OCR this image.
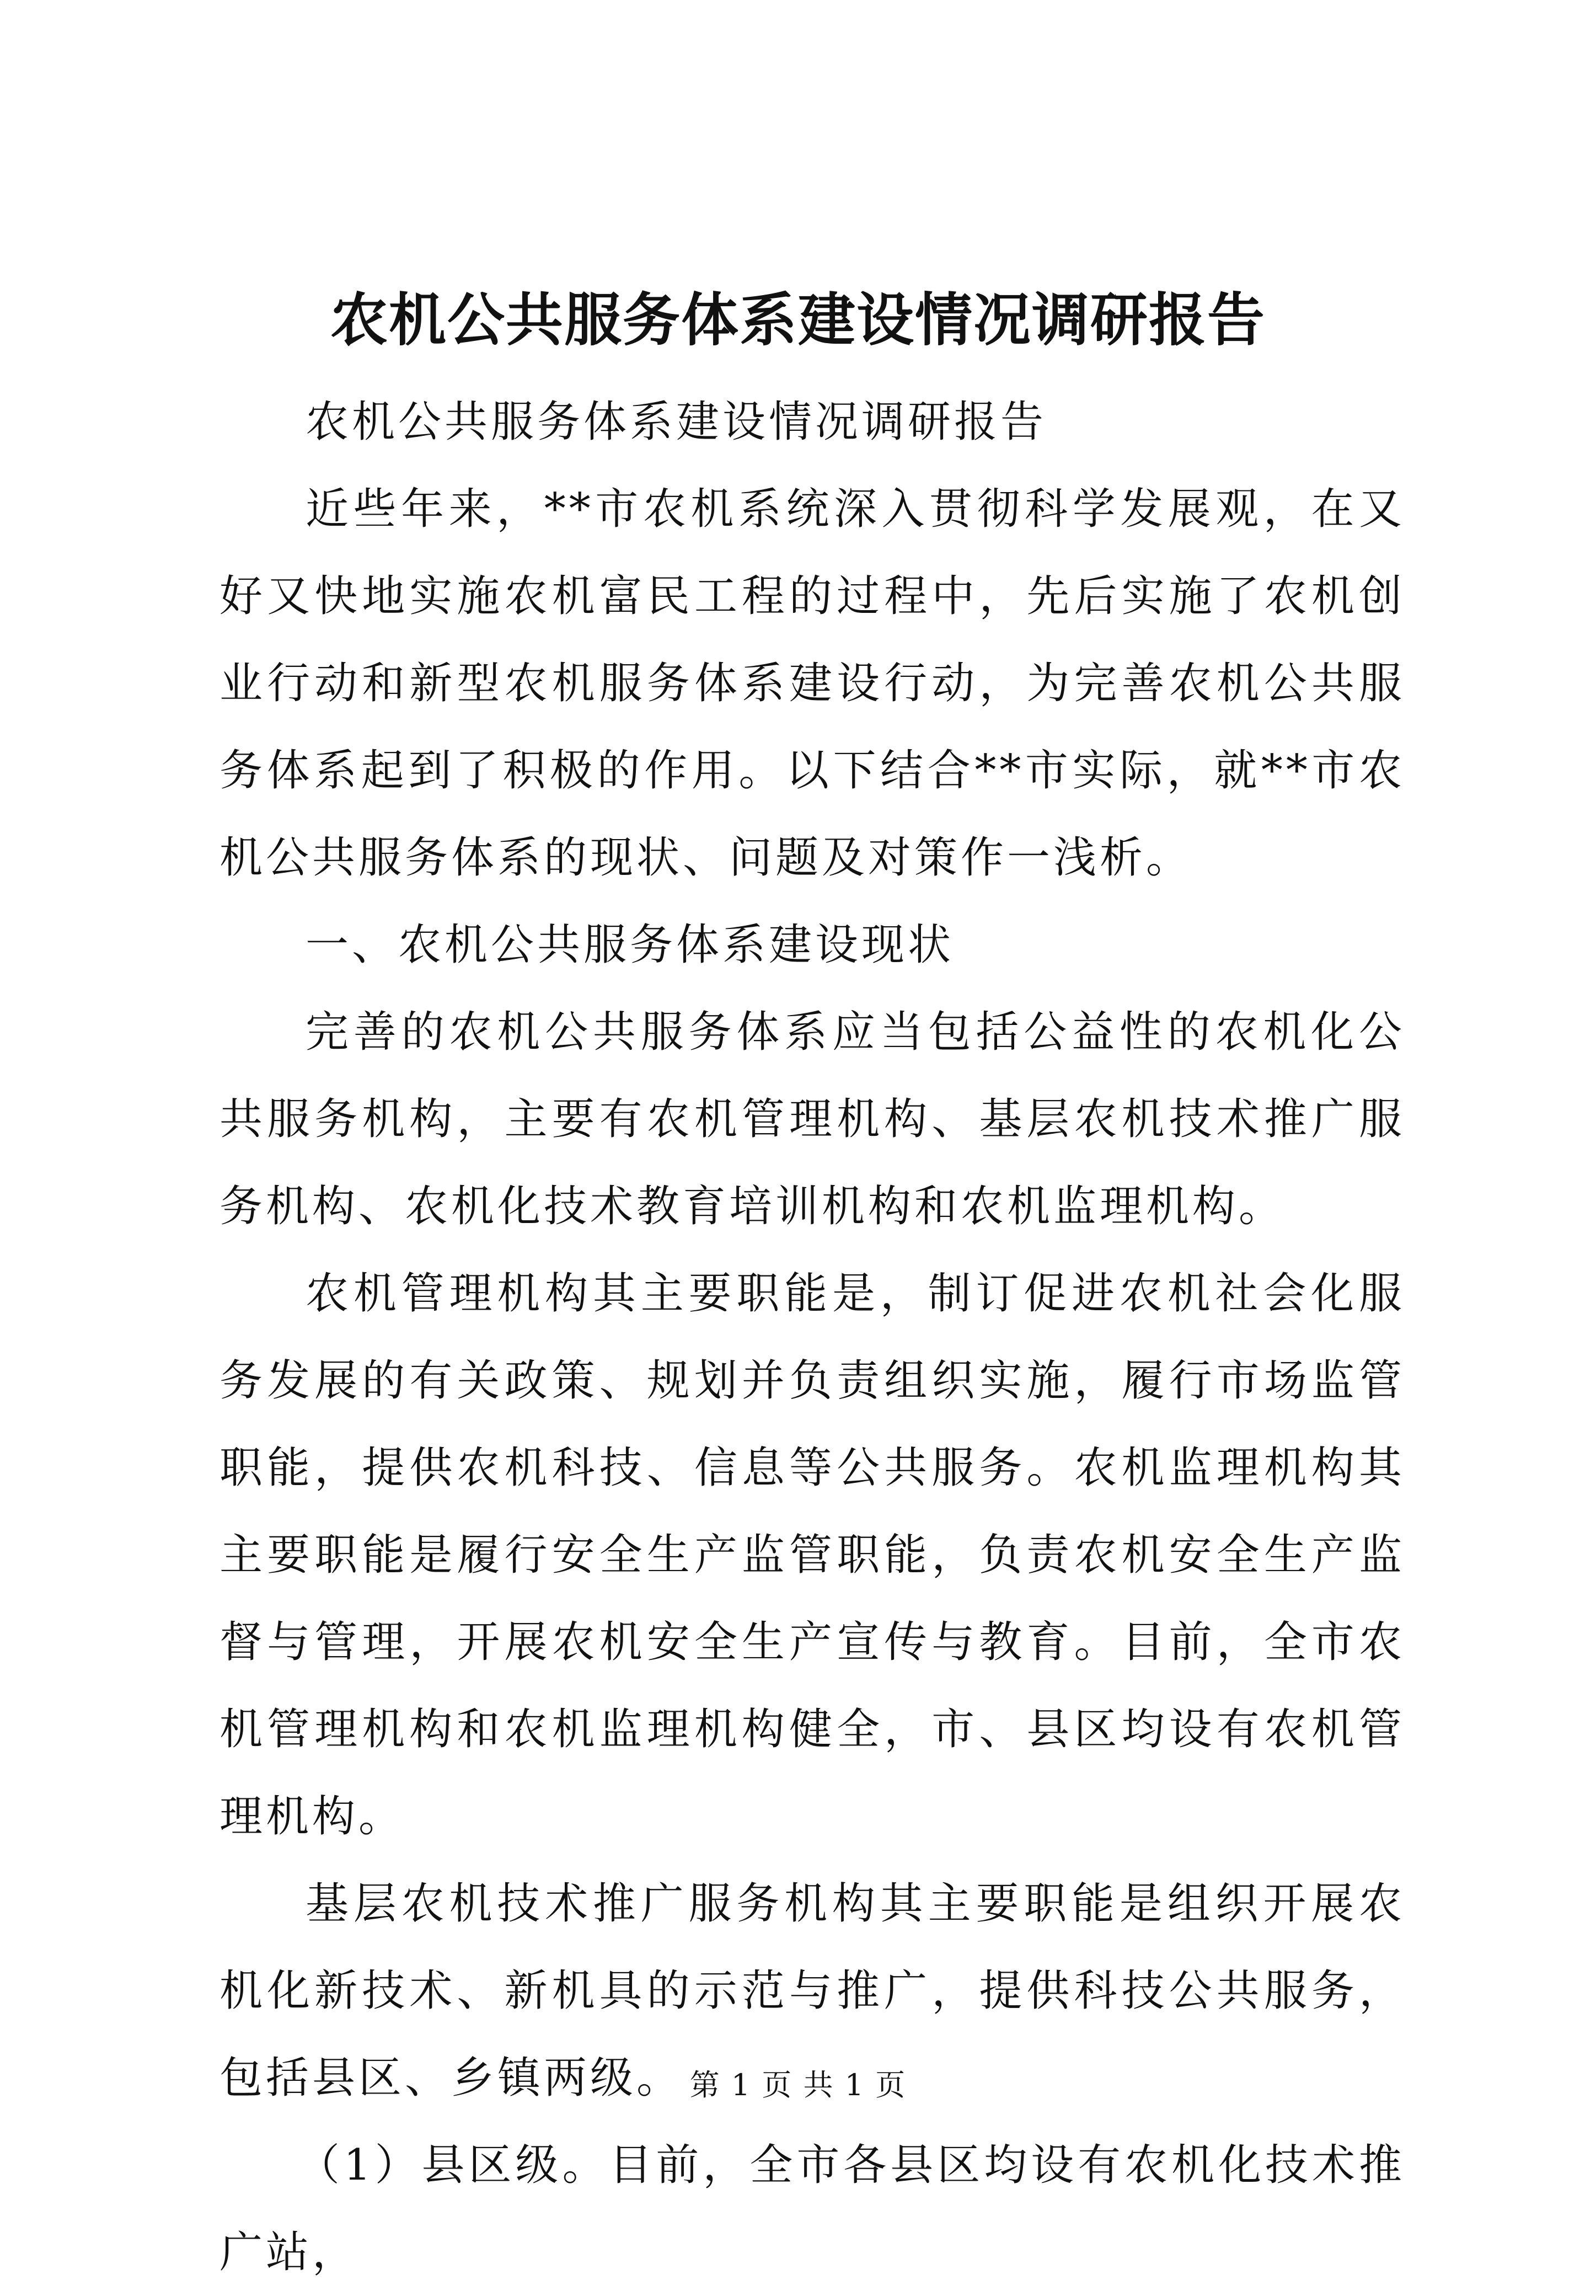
农机公共服务体系建设情况调研报告

农机公共服务体系建设情况调研报告

近些年来，**市农机系统深入贯彻科学发展观，在又好又快地实施农机富民工程的过程中，先后实施了农机创业行动和新型农机服务体系建设行动，为完善农机公共服务体系起到了积极的作用。以下结合**市实际，就**市农机公共服务体系的现状、问题及对策作一浅析。

一、农机公共服务体系建设现状

完善的农机公共服务体系应当包括公益性的农机化公共服务机构，主要有农机管理机构、基层农机技术推广服务机构、农机化技术教育培训机构和农机监理机构。

农机管理机构其主要职能是，制订促进农机社会化服务发展的有关政策、规划并负责组织实施，履行市场监管职能，提供农机科技、信息等公共服务。农机监理机构其主要职能是履行安全生产监管职能，负责农机安全生产监督与管理，开展农机安全生产宣传与教育。目前，全市农机管理机构和农机监理机构健全，市、县区均设有农机管理机构。

基层农机技术推广服务机构其主要职能是组织开展农机化新技术、新机具的示范与推广，提供科技公共服务，包括县区、乡镇两级。

（1）县区级。目前，全市各县区均设有农机化技术推广站，

第 1 页 共 1 页
